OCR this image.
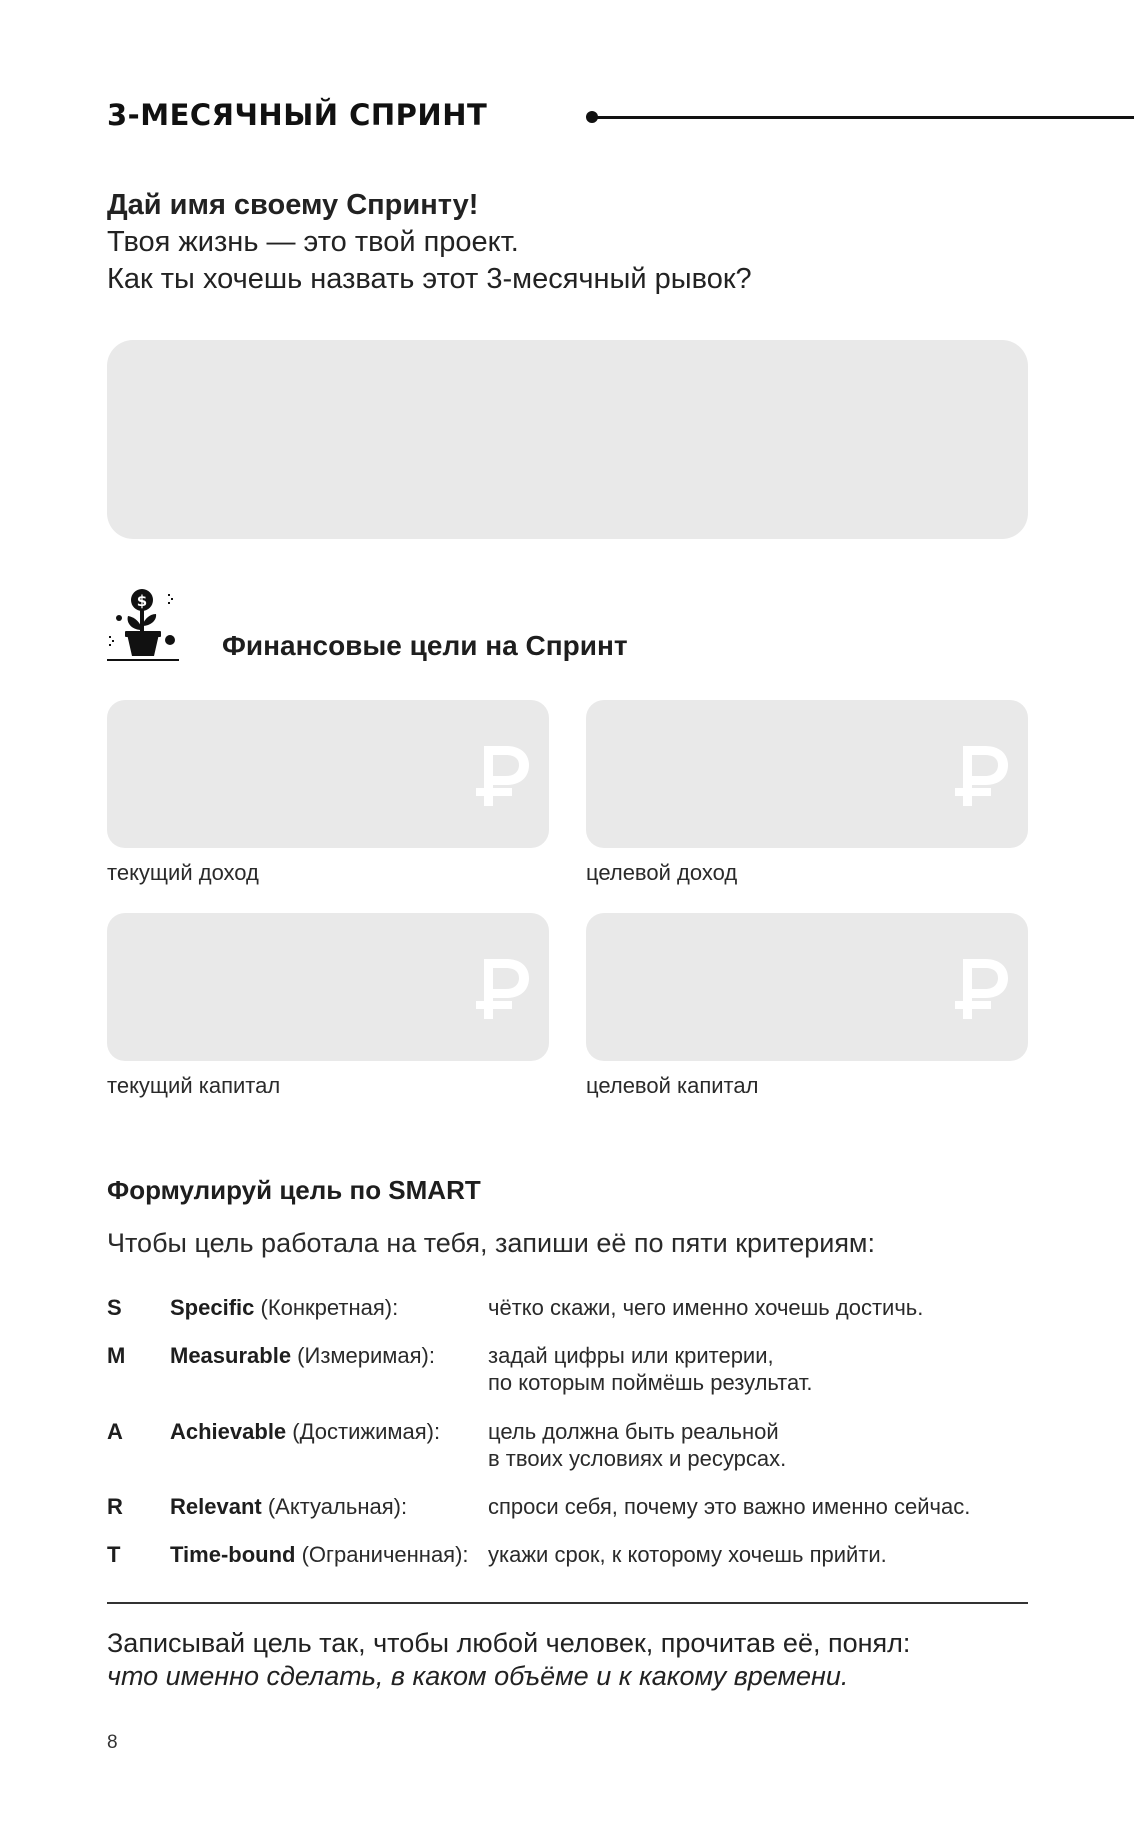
3-МЕСЯЧНЫЙ СПРИНТ
Дай имя своему Спринту!
Твоя жизнь — это твой проект.
Как ты хочешь назвать этот 3-месячный рывок?
$
Финансовые цели на Спринт
текущий доход	целевой доход
текущий капитал	целевой капитал
Формулируй цель по SMART
Чтобы цель работала на тебя, запиши её по пяти критериям:
S Specific (Конкретная):	чётко скажи, чего именно хочешь достичь.
M Measurable (Измеримая): задай цифры или критерии,
по которым поймёшь результат.
A Achievable (Достижимая): цель должна быть реальной
в твоих условиях и ресурсах.
R Relevant (Актуальная):	спроси себя, почему это важно именно сейчас.
T Time-bound (Ограниченная): укажи срок, к которому хочешь прийти.
Записывай цель так, чтобы любой человек, прочитав её, понял:
что именно сделать, в каком объёме и к какому времени.
8
